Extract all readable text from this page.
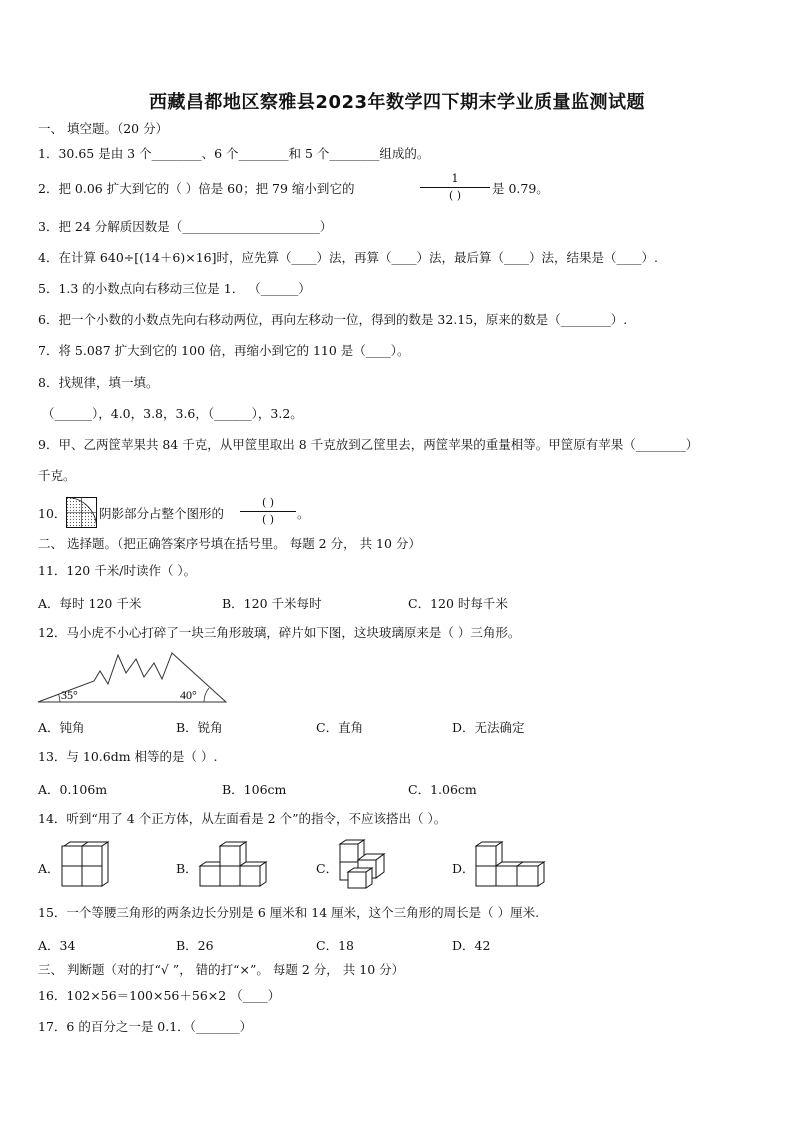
西藏昌都地区察雅县2023年数学四下期末学业质量监测试题
一、 填空题。（20 分）
1．30.65 是由 3 个________、6 个________和 5 个________组成的。
2．把 0.06 扩大到它的（ ）倍是 60；把 79 缩小到它的
1
( )	是 0.79。
3．把 24 分解质因数是（______________________）
4．在计算 640÷[(14＋6)×16]时，应先算（____）法，再算（____）法，最后算（____）法，结果是（____）.
5．1.3 的小数点向右移动三位是 1． （______）
6．把一个小数的小数点先向右移动两位，再向左移动一位，得到的数是 32.15，原来的数是（________）.
7．将 5.087 扩大到它的 100 倍，再缩小到它的 110 是（____）。
8．找规律，填一填。
（______），4.0，3.8，3.6，（______），3.2。
9．甲、乙两筐苹果共 84 千克，从甲筐里取出 8 千克放到乙筐里去，两筐苹果的重量相等。甲筐原有苹果（________）
千克。
10．	阴影部分占整个图形的
( )
( )	。
二、 选择题。（把正确答案序号填在括号里。 每题 2 分， 共 10 分）
11．120 千米/时读作（ ）。
A．每时 120 千米	B．120 千米每时	C．120 时每千米
12．马小虎不小心打碎了一块三角形玻璃，碎片如下图，这块玻璃原来是（ ）三角形。
35°	40°
A．钝角	B．锐角	C．直角	D．无法确定
13．与 10.6dm 相等的是（ ）.
A．0.106m	B．106cm	C．1.06cm
14．听到“用了 4 个正方体，从左面看是 2 个”的指令，不应该搭出（ ）。
A．	B．	C．	D．
15．一个等腰三角形的两条边长分别是 6 厘米和 14 厘米，这个三角形的周长是（ ）厘米.
A．34	B．26	C．18	D．42
三、 判断题（对的打“√ ”， 错的打“×”。 每题 2 分， 共 10 分）
16．102×56＝100×56＋56×2 （____）
17．6 的百分之一是 0.1．（_______）
